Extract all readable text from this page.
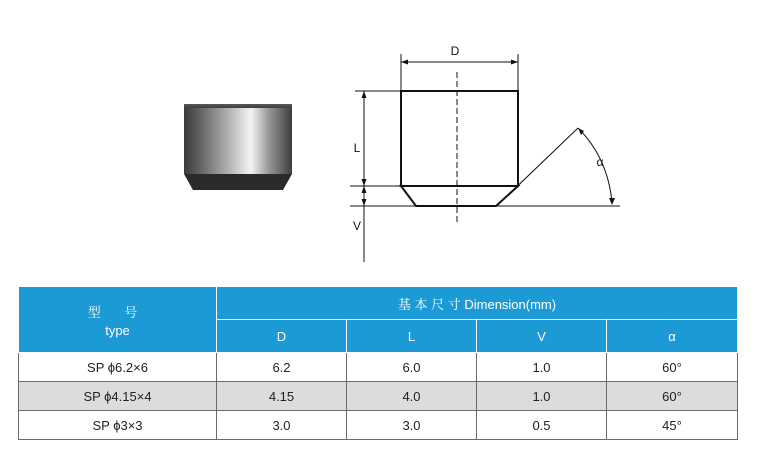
D
L
V
α
型 号
type	基 本 尺 寸 Dimension(mm)			
	D	L	V	α
SP ϕ6.2×6	6.2	6.0	1.0	60°
SP ϕ4.15×4	4.15	4.0	1.0	60°
SP ϕ3×3	3.0	3.0	0.5	45°
